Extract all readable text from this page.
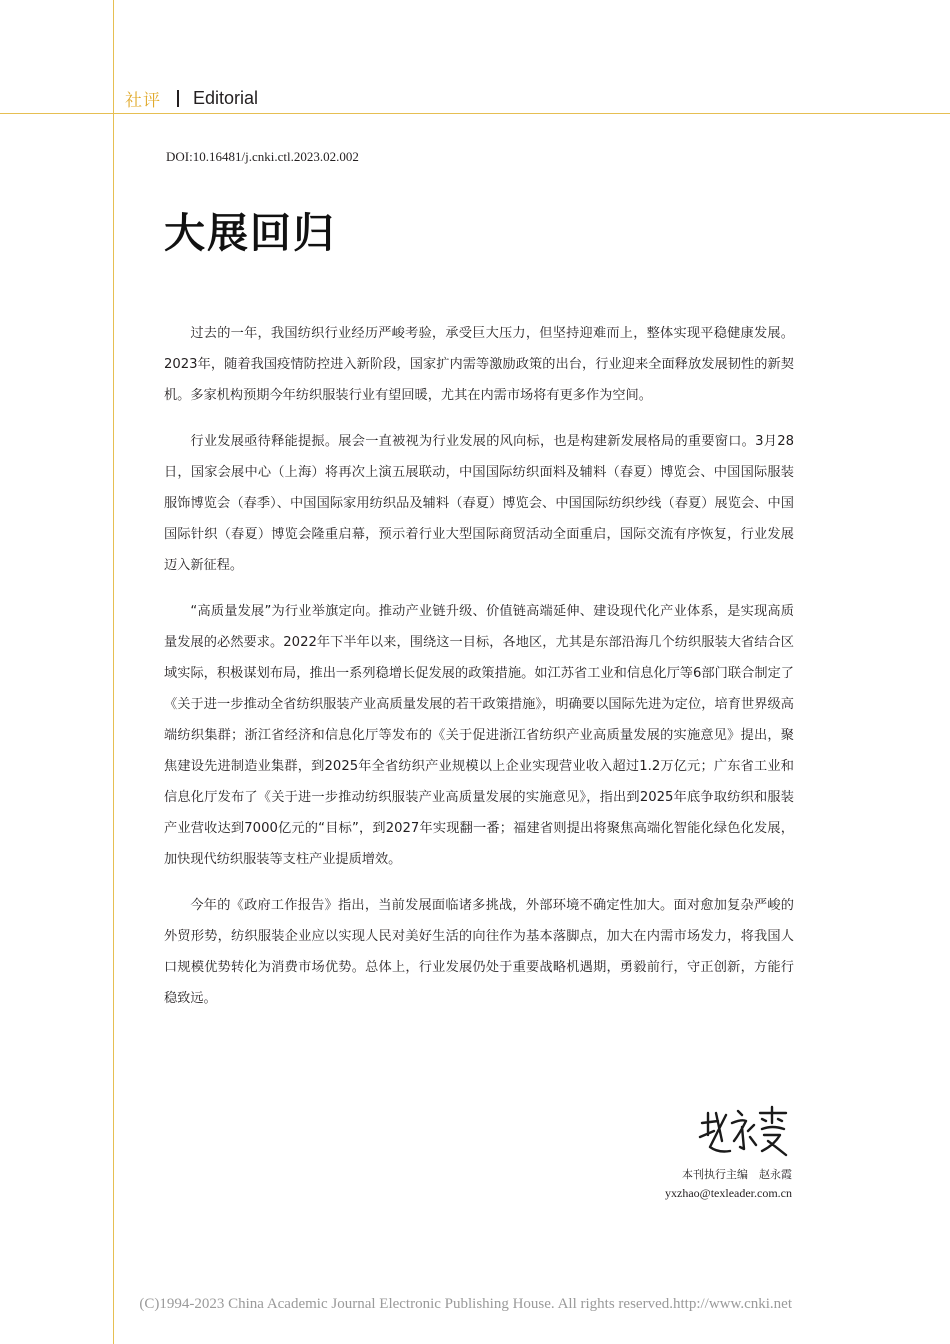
社评 Editorial
DOI:10.16481/j.cnki.ctl.2023.02.002
大展回归

过去的一年，我国纺织行业经历严峻考验，承受巨大压力，但坚持迎难而上，整体实现平稳健康发展。2023年，随着我国疫情防控进入新阶段，国家扩内需等激励政策的出台，行业迎来全面释放发展韧性的新契机。多家机构预期今年纺织服装行业有望回暖，尤其在内需市场将有更多作为空间。

行业发展亟待释能提振。展会一直被视为行业发展的风向标，也是构建新发展格局的重要窗口。3月28日，国家会展中心（上海）将再次上演五展联动，中国国际纺织面料及辅料（春夏）博览会、中国国际服装服饰博览会（春季）、中国国际家用纺织品及辅料（春夏）博览会、中国国际纺织纱线（春夏）展览会、中国国际针织（春夏）博览会隆重启幕，预示着行业大型国际商贸活动全面重启，国际交流有序恢复，行业发展迈入新征程。

“高质量发展”为行业举旗定向。推动产业链升级、价值链高端延伸、建设现代化产业体系，是实现高质量发展的必然要求。2022年下半年以来，围绕这一目标，各地区，尤其是东部沿海几个纺织服装大省结合区域实际，积极谋划布局，推出一系列稳增长促发展的政策措施。如江苏省工业和信息化厅等6部门联合制定了《关于进一步推动全省纺织服装产业高质量发展的若干政策措施》，明确要以国际先进为定位，培育世界级高端纺织集群；浙江省经济和信息化厅等发布的《关于促进浙江省纺织产业高质量发展的实施意见》提出，聚焦建设先进制造业集群，到2025年全省纺织产业规模以上企业实现营业收入超过1.2万亿元；广东省工业和信息化厅发布了《关于进一步推动纺织服装产业高质量发展的实施意见》，指出到2025年底争取纺织和服装产业营收达到7000亿元的“目标”，到2027年实现翻一番；福建省则提出将聚焦高端化智能化绿色化发展，加快现代纺织服装等支柱产业提质增效。

今年的《政府工作报告》指出，当前发展面临诸多挑战，外部环境不确定性加大。面对愈加复杂严峻的外贸形势，纺织服装企业应以实现人民对美好生活的向往作为基本落脚点，加大在内需市场发力，将我国人口规模优势转化为消费市场优势。总体上，行业发展仍处于重要战略机遇期，勇毅前行，守正创新，方能行稳致远。

本刊执行主编　赵永霞
yxzhao@texleader.com.cn
(C)1994-2023 China Academic Journal Electronic Publishing House. All rights reserved.http://www.cnki.net
